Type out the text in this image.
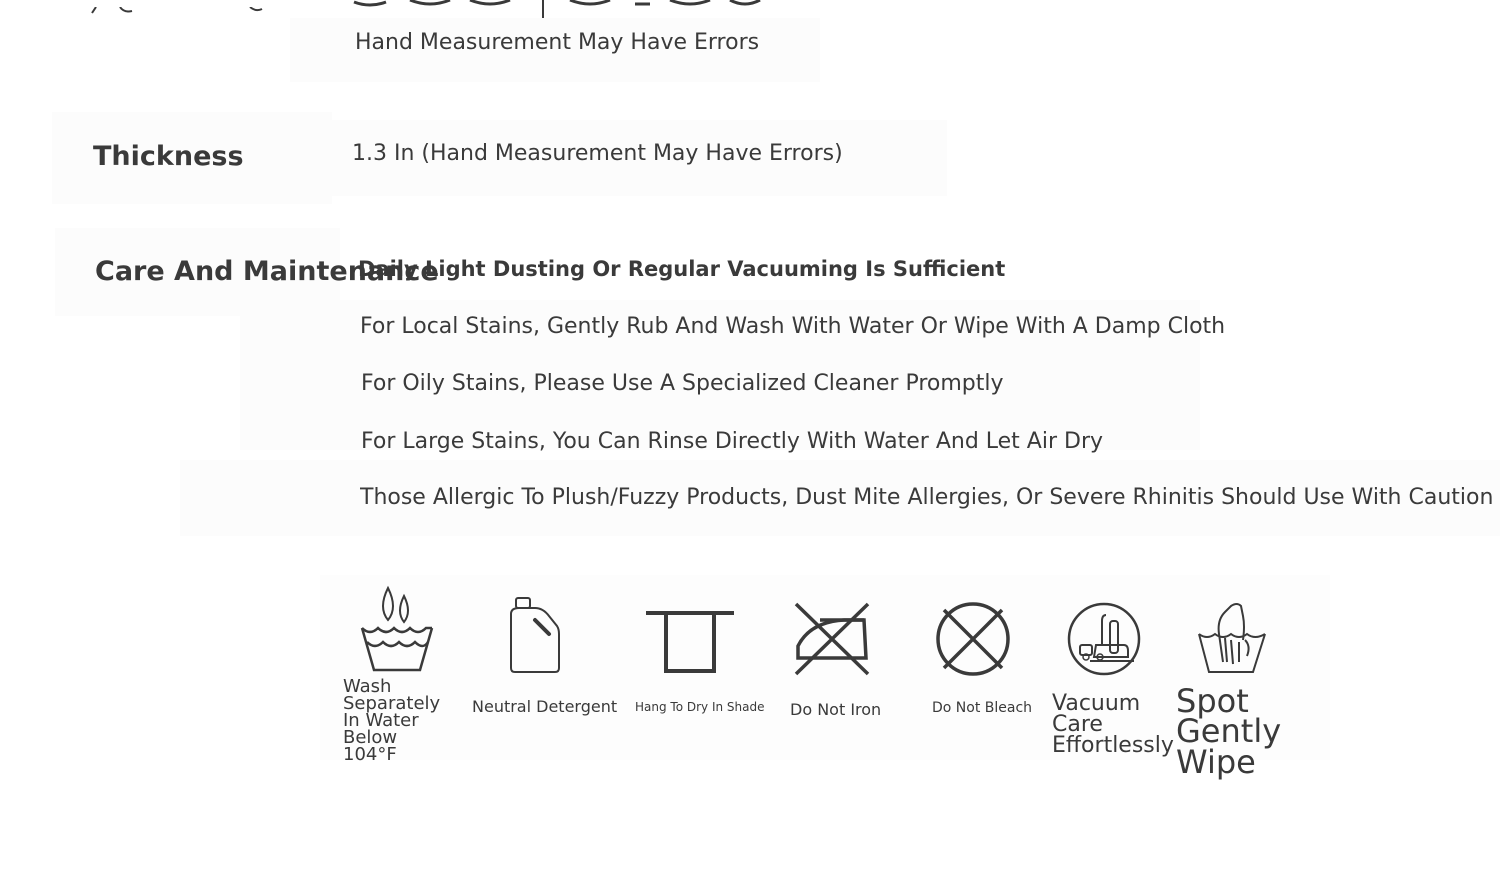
Hand Measurement May Have Errors
Thickness	1.3 In (Hand Measurement May Have Errors)
Care And Maintenance
Daily Light Dusting Or Regular Vacuuming Is Sufficient
For Local Stains, Gently Rub And Wash With Water Or Wipe With A Damp Cloth
For Oily Stains, Please Use A Specialized Cleaner Promptly
For Large Stains, You Can Rinse Directly With Water And Let Air Dry
Those Allergic To Plush/Fuzzy Products, Dust Mite Allergies, Or Severe Rhinitis Should Use With Caution
Wash Separately In Water Below 104°F
Neutral Detergent Hang To Dry In Shade Do Not Iron	Do Not Bleach Vacuum Care Effortlessly
Spot Gently Wipe
